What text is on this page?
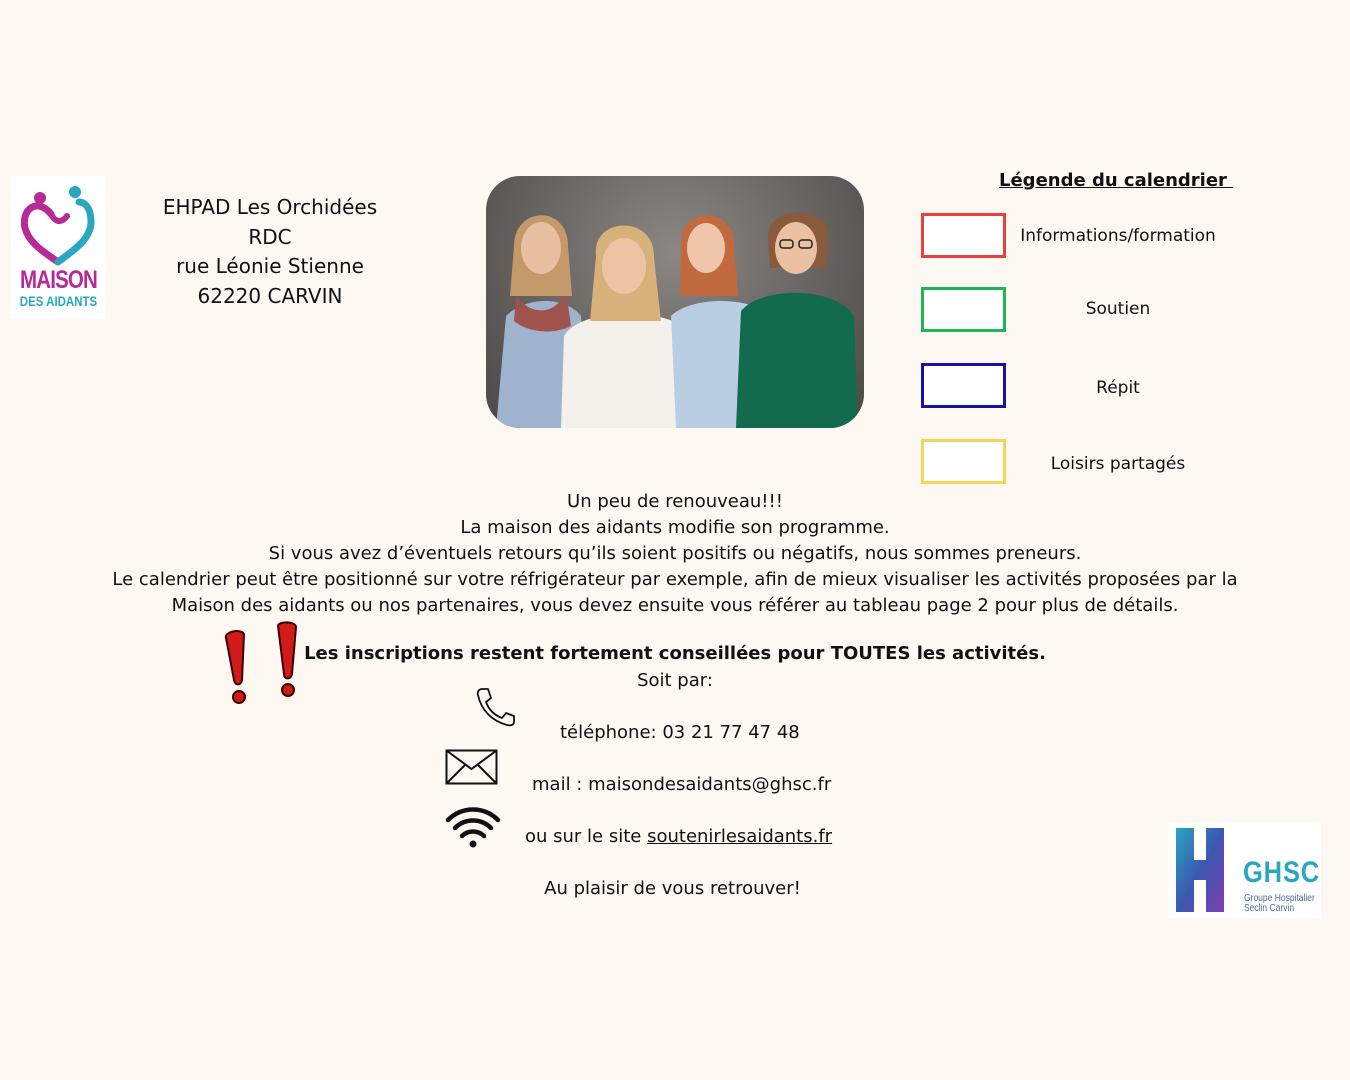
MAISON
DES AIDANTS
EHPAD Les Orchidées
RDC
rue Léonie Stienne
62220 CARVIN
Légende du calendrier
Informations/formation
Soutien
Répit
Loisirs partagés
Un peu de renouveau!!!
La maison des aidants modifie son programme.
Si vous avez d’éventuels retours qu’ils soient positifs ou négatifs, nous sommes preneurs.
Le calendrier peut être positionné sur votre réfrigérateur par exemple, afin de mieux visualiser les activités proposées par la
Maison des aidants ou nos partenaires, vous devez ensuite vous référer au tableau page 2 pour plus de détails.
Les inscriptions restent fortement conseillées pour TOUTES les activités.
Soit par:
téléphone: 03 21 77 47 48
mail : maisondesaidants@ghsc.fr
ou sur le site soutenirlesaidants.fr
Au plaisir de vous retrouver!	GHSC
Groupe Hospitalier
Seclin Carvin
